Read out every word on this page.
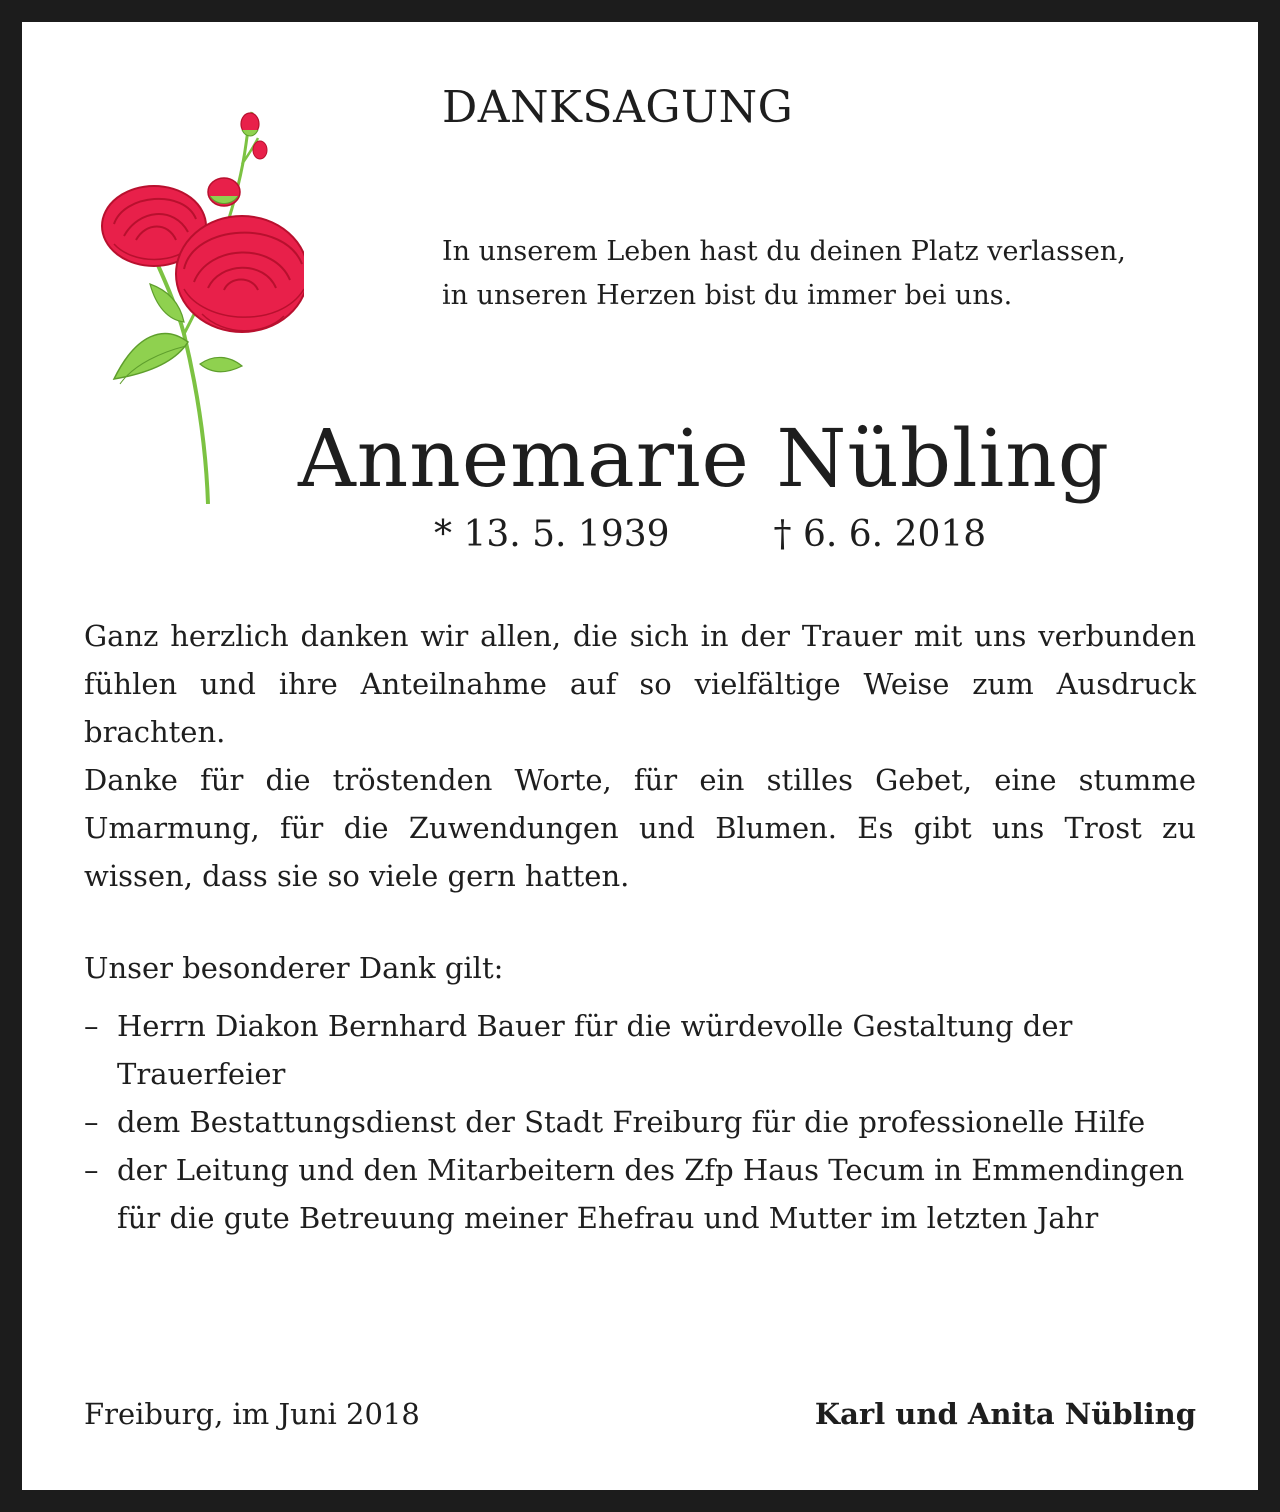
DANKSAGUNG
In unserem Leben hast du deinen Platz verlassen,
in unseren Herzen bist du immer bei uns.
Annemarie Nübling
* 13. 5. 1939	† 6. 6. 2018

Ganz herzlich danken wir allen, die sich in der Trauer mit uns verbunden fühlen und ihre Anteilnahme auf so vielfältige Weise zum Ausdruck brachten.

Danke für die tröstenden Worte, für ein stilles Gebet, eine stumme Umarmung, für die Zuwendungen und Blumen. Es gibt uns Trost zu wissen, dass sie so viele gern hatten.

Unser besonderer Dank gilt:
– Herrn Diakon Bernhard Bauer für die würdevolle Gestaltung der Trauerfeier
– dem Bestattungsdienst der Stadt Freiburg für die professionelle Hilfe
– der Leitung und den Mitarbeitern des Zfp Haus Tecum in Emmendingen für die gute Betreuung meiner Ehefrau und Mutter im letzten Jahr
Freiburg, im Juni 2018	Karl und Anita Nübling
